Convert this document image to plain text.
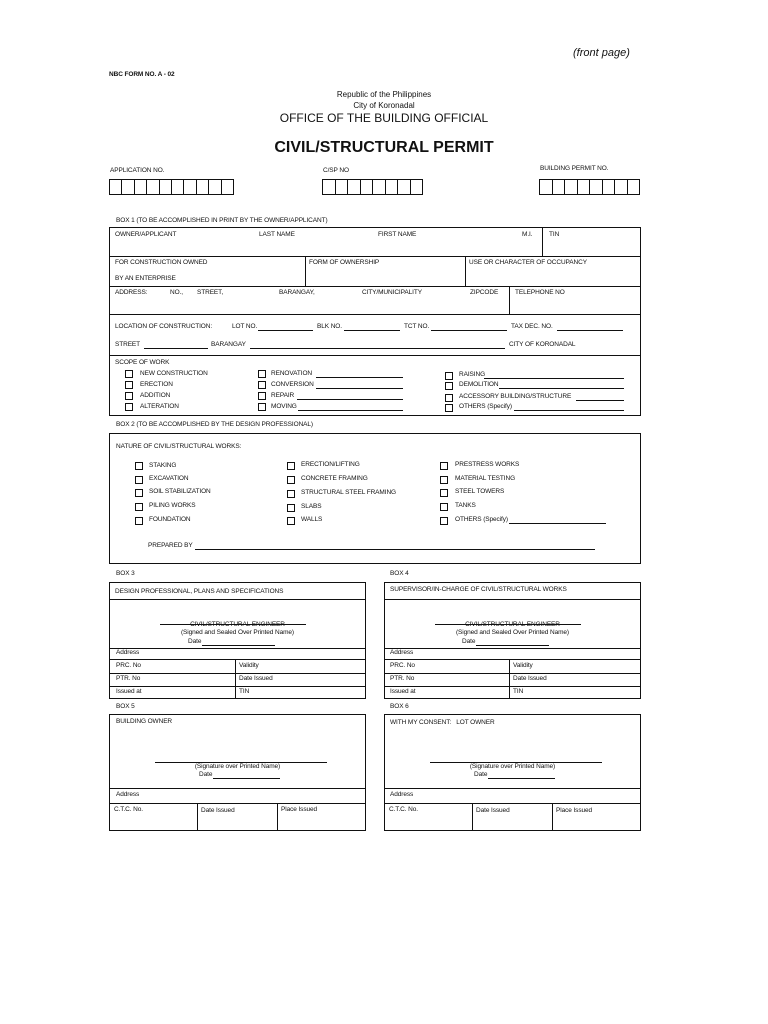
(front page)
NBC FORM NO. A - 02
Republic of the Philippines
City of Koronadal
OFFICE OF THE BUILDING OFFICIAL
CIVIL/STRUCTURAL PERMIT
APPLICATION NO.	C/SP NO	BUILDING PERMIT NO.
BOX 1 (TO BE ACCOMPLISHED IN PRINT BY THE OWNER/APPLICANT)
OWNER/APPLICANT	LAST NAME	FIRST NAME	M.I.	TIN
FOR CONSTRUCTION OWNED
BY AN ENTERPRISE
FORM OF OWNERSHIP	USE OR CHARACTER OF OCCUPANCY
ADDRESS:	NO., STREET,	BARANGAY,	CITY/MUNICIPALITY	ZIPCODE	TELEPHONE NO
LOCATION OF CONSTRUCTION:	LOT NO.	BLK NO.	TCT NO.	TAX DEC. NO.
STREET	BARANGAY	CITY OF KORONADAL
SCOPE OF WORK
NEW CONSTRUCTION
ERECTION
ADDITION
ALTERATION
RENOVATION
CONVERSION
REPAIR
MOVING
RAISING
DEMOLITION
ACCESSORY BUILDING/STRUCTURE
OTHERS (Specify)
BOX 2 (TO BE ACCOMPLISHED BY THE DESIGN PROFESSIONAL)
NATURE OF CIVIL/STRUCTURAL WORKS:
STAKING
EXCAVATION
SOIL STABILIZATION
PILING WORKS
FOUNDATION
ERECTION/LIFTING
CONCRETE FRAMING
STRUCTURAL STEEL FRAMING
SLABS
WALLS
PRESTRESS WORKS
MATERIAL TESTING
STEEL TOWERS
TANKS
OTHERS (Specify)
PREPARED BY
BOX 3
DESIGN PROFESSIONAL, PLANS AND SPECIFICATIONS
CIVIL/STRUCTURAL ENGINEER
(Signed and Sealed Over Printed Name)
Date
Address
PRC. No	Validity
PTR. No	Date Issued
Issued at	TIN
BOX 4
SUPERVISOR/IN-CHARGE OF CIVIL/STRUCTURAL WORKS
CIVIL/STRUCTURAL ENGINEER
(Signed and Sealed Over Printed Name)
Date
Address
PRC. No	Validity
PTR. No	Date Issued
Issued at	TIN
BOX 5
BUILDING OWNER
(Signature over Printed Name)
Date
Address
C.T.C. No.	Date Issued	Place Issued
BOX 6
WITH MY CONSENT:   LOT OWNER
(Signature over Printed Name)
Date
Address
C.T.C. No.	Date Issued	Place Issued
